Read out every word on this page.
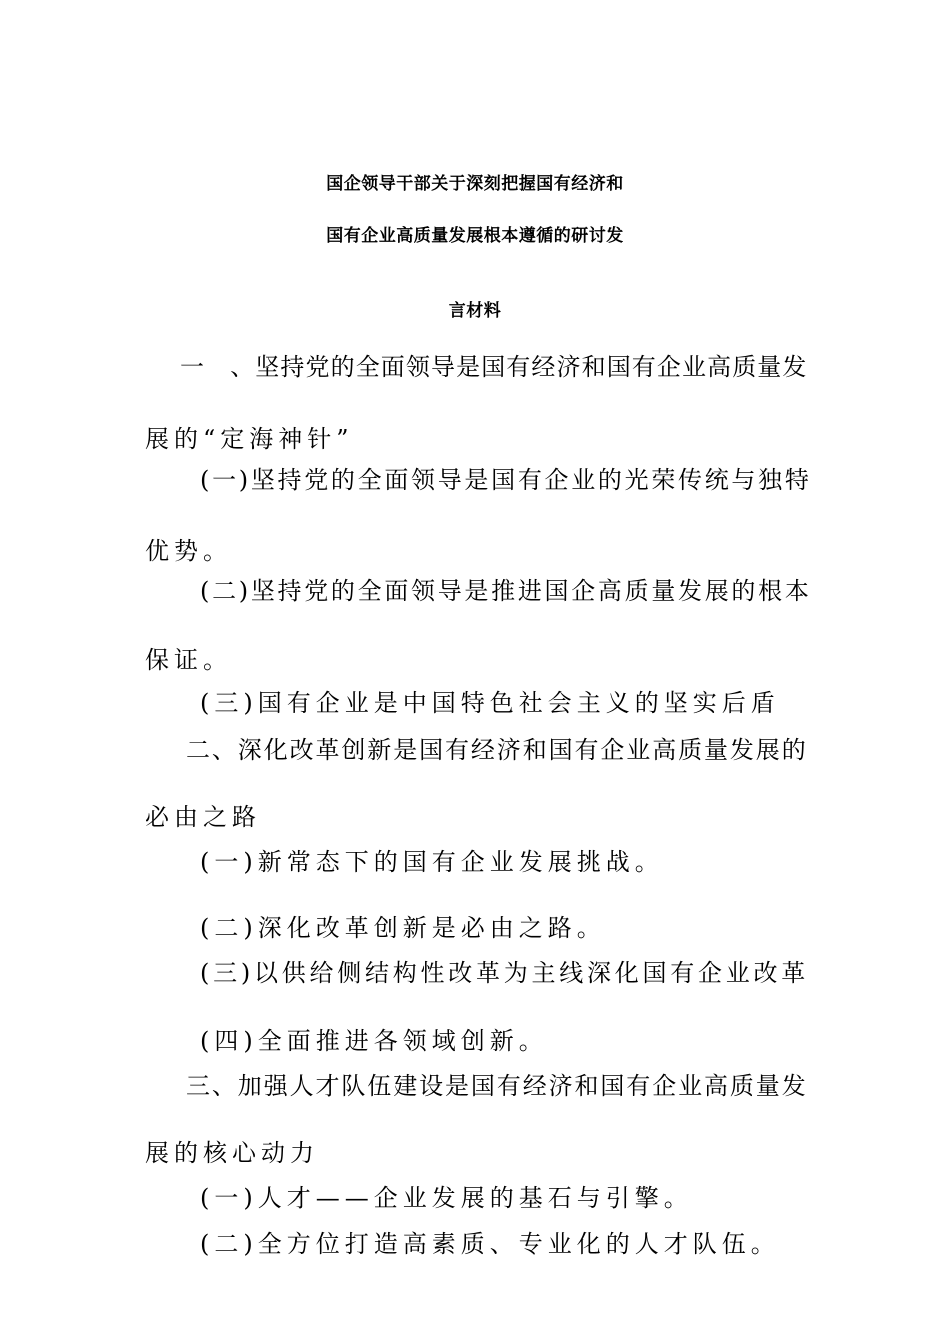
国企领导干部关于深刻把握国有经济和
国有企业高质量发展根本遵循的研讨发
言材料
一　、坚持党的全面领导是国有经济和国有企业高质量发
展的“定海神针”
(一)坚持党的全面领导是国有企业的光荣传统与独特
优势。
(二)坚持党的全面领导是推进国企高质量发展的根本
保证。
(三)国有企业是中国特色社会主义的坚实后盾
二、深化改革创新是国有经济和国有企业高质量发展的
必由之路
(一)新常态下的国有企业发展挑战。
(二)深化改革创新是必由之路。
(三)以供给侧结构性改革为主线深化国有企业改革
(四)全面推进各领域创新。
三、加强人才队伍建设是国有经济和国有企业高质量发
展的核心动力
(一)人才——企业发展的基石与引擎。
(二)全方位打造高素质、专业化的人才队伍。
